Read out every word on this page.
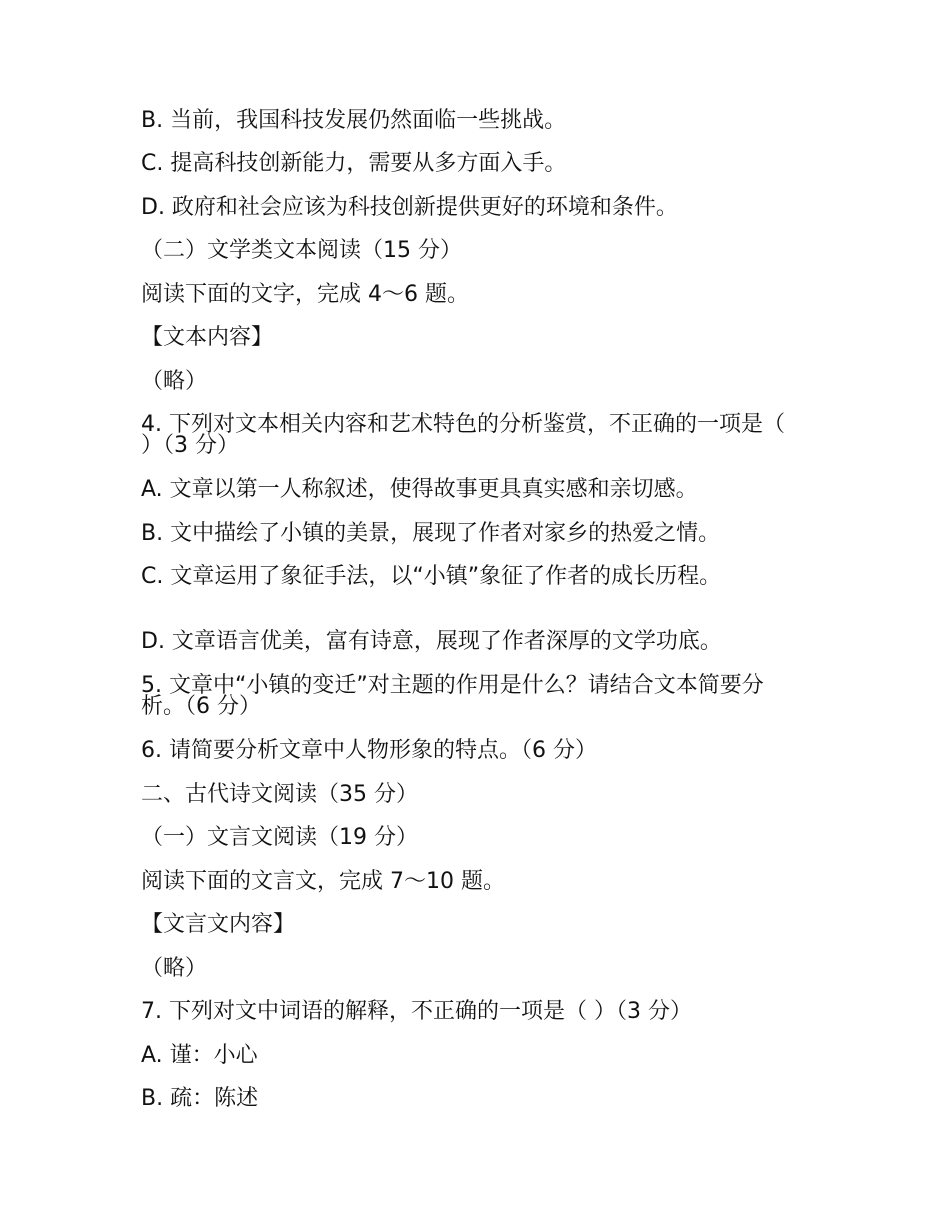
B. 当前，我国科技发展仍然面临一些挑战。
C. 提高科技创新能力，需要从多方面入手。
D. 政府和社会应该为科技创新提供更好的环境和条件。
（二）文学类文本阅读（15 分）
阅读下面的文字，完成 4～6 题。
【文本内容】
（略）
4. 下列对文本相关内容和艺术特色的分析鉴赏，不正确的一项是（ ）（3 分）
A. 文章以第一人称叙述，使得故事更具真实感和亲切感。
B. 文中描绘了小镇的美景，展现了作者对家乡的热爱之情。
C. 文章运用了象征手法，以“小镇”象征了作者的成长历程。
D. 文章语言优美，富有诗意，展现了作者深厚的文学功底。
5. 文章中“小镇的变迁”对主题的作用是什么？请结合文本简要分析。（6 分）
6. 请简要分析文章中人物形象的特点。（6 分）
二、古代诗文阅读（35 分）
（一）文言文阅读（19 分）
阅读下面的文言文，完成 7～10 题。
【文言文内容】
（略）
7. 下列对文中词语的解释，不正确的一项是（ ）（3 分）
A. 谨：小心
B. 疏：陈述
